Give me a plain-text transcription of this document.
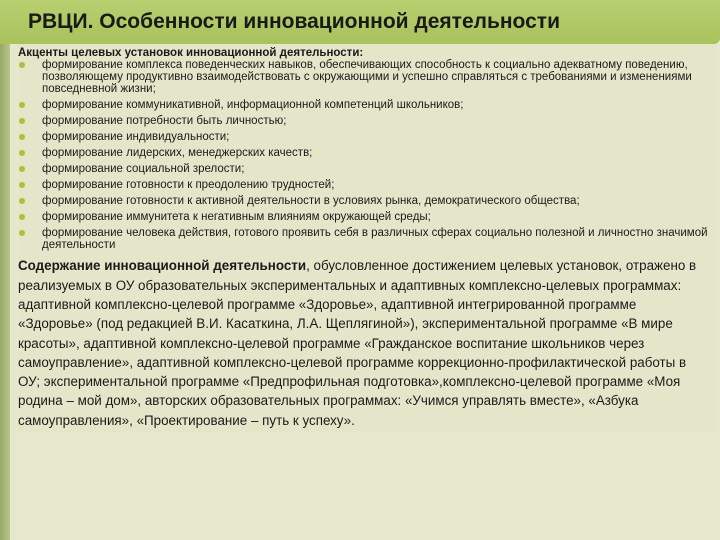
РВЦИ. Особенности инновационной деятельности

Акценты целевых установок инновационной деятельности:

формирование комплекса поведенческих навыков, обеспечивающих способность к социально адекватному поведению, позволяющему продуктивно взаимодействовать с окружающими и успешно справляться с требованиями и изменениями повседневной жизни;
формирование коммуникативной, информационной компетенций школьников;
формирование потребности быть личностью;
формирование индивидуальности;
формирование лидерских, менеджерских качеств;
формирование социальной зрелости;
формирование готовности к преодолению трудностей;
формирование готовности к активной деятельности в условиях рынка, демократического общества;
формирование иммунитета к негативным влияниям окружающей среды;
формирование человека действия, готового проявить себя в различных сферах социально полезной и личностно значимой деятельности

Содержание инновационной деятельности, обусловленное достижением целевых установок, отражено в реализуемых в ОУ образовательных экспериментальных и адаптивных комплексно-целевых программах: адаптивной комплексно-целевой программе «Здоровье», адаптивной интегрированной программе «Здоровье» (под редакцией В.И. Касаткина, Л.А. Щеплягиной»), экспериментальной программе «В мире красоты», адаптивной комплексно-целевой программе «Гражданское воспитание школьников через самоуправление», адаптивной комплексно-целевой программе коррекционно-профилактической работы в ОУ; экспериментальной программе «Предпрофильная подготовка»,комплексно-целевой программе «Моя родина – мой дом», авторских образовательных программах: «Учимся управлять вместе», «Азбука самоуправления», «Проектирование – путь к успеху».
